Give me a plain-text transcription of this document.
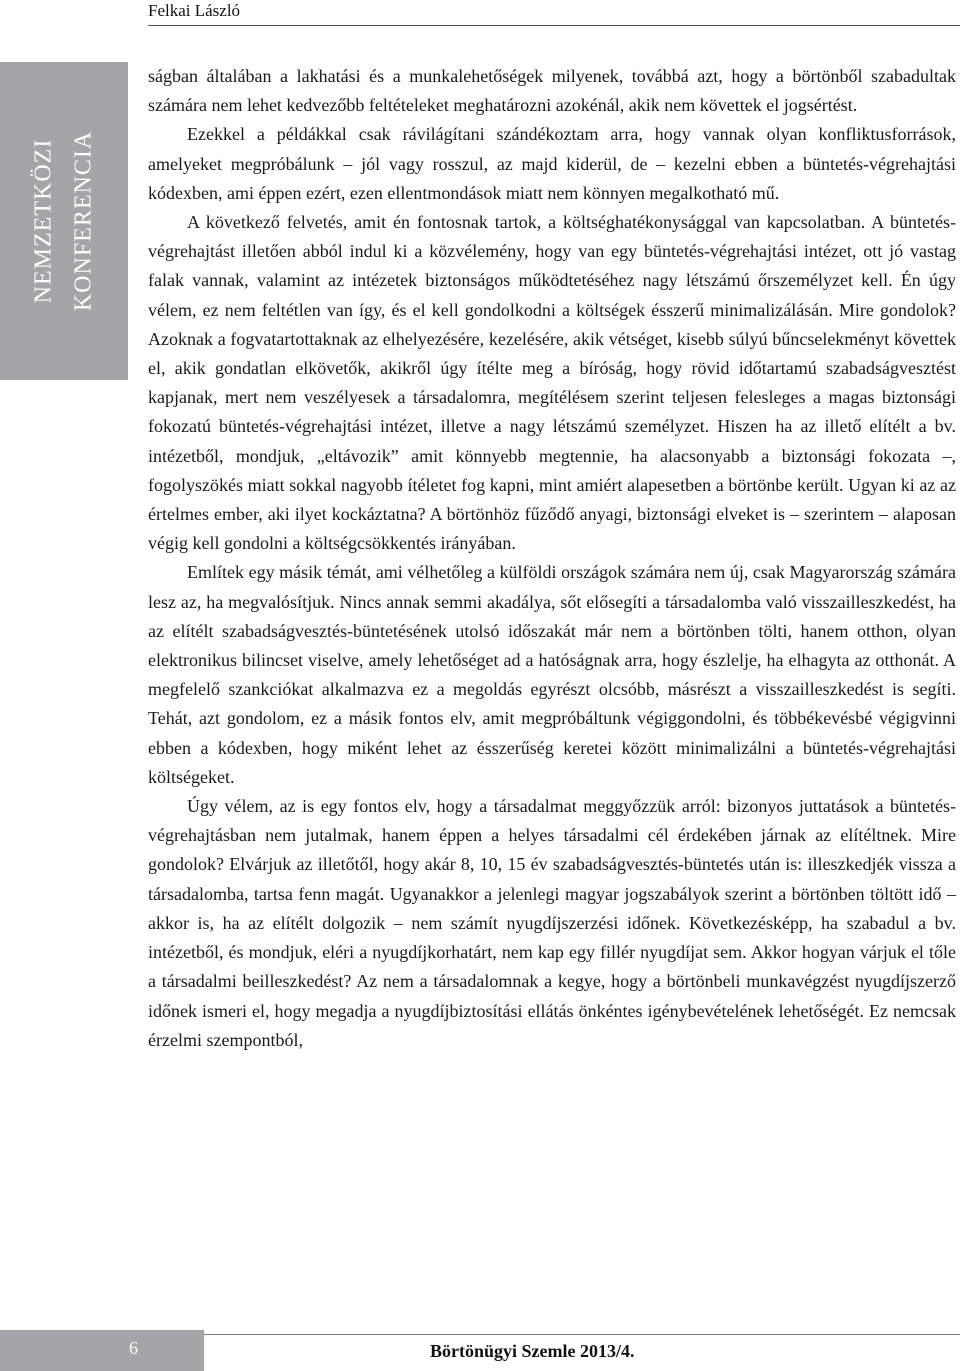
Felkai László
NEMZETKÖZI KONFERENCIA

ságban általában a lakhatási és a munkalehetőségek milyenek, továbbá azt, hogy a börtönből szabadultak számára nem lehet kedvezőbb feltételeket meghatározni azokénál, akik nem követtek el jogsértést.

Ezekkel a példákkal csak rávilágítani szándékoztam arra, hogy vannak olyan konfliktusforrások, amelyeket megpróbálunk – jól vagy rosszul, az majd kiderül, de – kezelni ebben a büntetés-végrehajtási kódexben, ami éppen ezért, ezen ellentmondások miatt nem könnyen megalkotható mű.

A következő felvetés, amit én fontosnak tartok, a költséghatékonysággal van kapcsolatban. A büntetés-végrehajtást illetően abból indul ki a közvélemény, hogy van egy büntetés-végrehajtási intézet, ott jó vastag falak vannak, valamint az intézetek biztonságos működtetéséhez nagy létszámú őrszemélyzet kell. Én úgy vélem, ez nem feltétlen van így, és el kell gondolkodni a költségek ésszerű minimalizálásán. Mire gondolok? Azoknak a fogvatartottaknak az elhelyezésére, kezelésére, akik vétséget, kisebb súlyú bűncselekményt követtek el, akik gondatlan elkövetők, akikről úgy ítélte meg a bíróság, hogy rövid időtartamú szabadságvesztést kapjanak, mert nem veszélyesek a társadalomra, megítélésem szerint teljesen felesleges a magas biztonsági fokozatú büntetés-végrehajtási intézet, illetve a nagy létszámú személyzet. Hiszen ha az illető elítélt a bv. intézetből, mondjuk, „eltávozik” amit könnyebb megtennie, ha alacsonyabb a biztonsági fokozata –, fogolyszökés miatt sokkal nagyobb ítéletet fog kapni, mint amiért alapesetben a börtönbe került. Ugyan ki az az értelmes ember, aki ilyet kockáztatna? A börtönhöz fűződő anyagi, biztonsági elveket is – szerintem – alaposan végig kell gondolni a költségcsökkentés irányában.

Említek egy másik témát, ami vélhetőleg a külföldi országok számára nem új, csak Magyarország számára lesz az, ha megvalósítjuk. Nincs annak semmi akadálya, sőt elősegíti a társadalomba való visszailleszkedést, ha az elítélt szabadságvesztés-büntetésének utolsó időszakát már nem a börtönben tölti, hanem otthon, olyan elektronikus bilincset viselve, amely lehetőséget ad a hatóságnak arra, hogy észlelje, ha elhagyta az otthonát. A megfelelő szankciókat alkalmazva ez a megoldás egyrészt olcsóbb, másrészt a visszailleszkedést is segíti. Tehát, azt gondolom, ez a másik fontos elv, amit megpróbáltunk végiggondolni, és többékevésbé végigvinni ebben a kódexben, hogy miként lehet az ésszerűség keretei között minimalizálni a büntetés-végrehajtási költségeket.

Úgy vélem, az is egy fontos elv, hogy a társadalmat meggyőzzük arról: bizonyos juttatások a büntetés-végrehajtásban nem jutalmak, hanem éppen a helyes társadalmi cél érdekében járnak az elítéltnek. Mire gondolok? Elvárjuk az illetőtől, hogy akár 8, 10, 15 év szabadságvesztés-büntetés után is: illeszkedjék vissza a társadalomba, tartsa fenn magát. Ugyanakkor a jelenlegi magyar jogszabályok szerint a börtönben töltött idő – akkor is, ha az elítélt dolgozik – nem számít nyugdíjszerzési időnek. Következésképp, ha szabadul a bv. intézetből, és mondjuk, eléri a nyugdíjkorhatárt, nem kap egy fillér nyugdíjat sem. Akkor hogyan várjuk el tőle a társadalmi beilleszkedést? Az nem a társadalomnak a kegye, hogy a börtönbeli munkavégzést nyugdíjszerző időnek ismeri el, hogy megadja a nyugdíjbiztosítási ellátás önkéntes igénybevételének lehetőségét. Ez nemcsak érzelmi szempontból,

6	Börtönügyi Szemle 2013/4.
